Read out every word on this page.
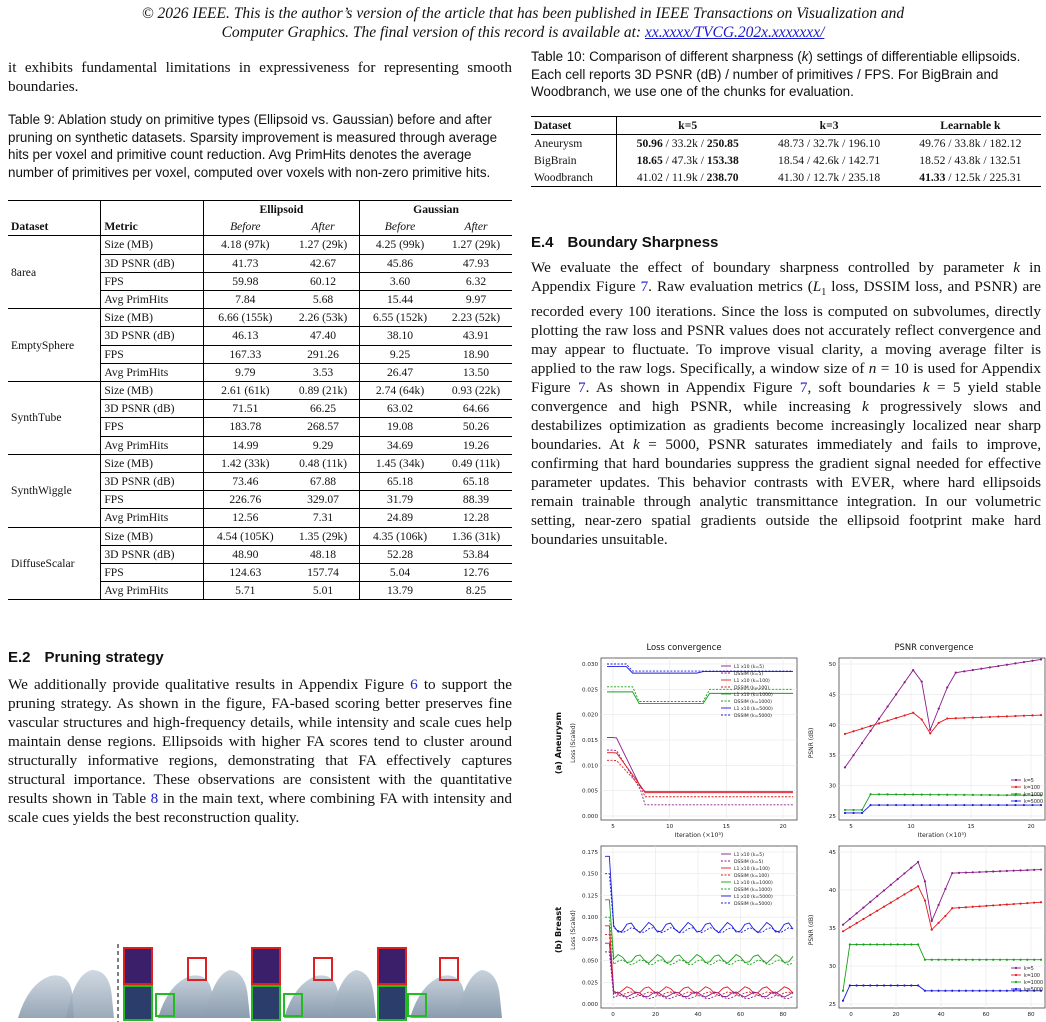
© 2026 IEEE. This is the author’s version of the article that has been published in IEEE Transactions on Visualization and
Computer Graphics. The final version of this record is available at: xx.xxxx/TVCG.202x.xxxxxxx/

it exhibits fundamental limitations in expressiveness for representing smooth boundaries.

Table 9: Ablation study on primitive types (Ellipsoid vs. Gaussian) before and after pruning on synthetic datasets. Sparsity improvement is measured through average hits per voxel and primitive count reduction. Avg PrimHits denotes the average number of primitives per voxel, computed over voxels with non-zero primitive hits.

		Ellipsoid		Gaussian	
Dataset	Metric	Before	After	Before	After
8area	Size (MB)	4.18 (97k)	1.27 (29k)	4.25 (99k)	1.27 (29k)
	3D PSNR (dB)	41.73	42.67	45.86	47.93
	FPS	59.98	60.12	3.60	6.32
	Avg PrimHits	7.84	5.68	15.44	9.97
EmptySphere	Size (MB)	6.66 (155k)	2.26 (53k)	6.55 (152k)	2.23 (52k)
	3D PSNR (dB)	46.13	47.40	38.10	43.91
	FPS	167.33	291.26	9.25	18.90
	Avg PrimHits	9.79	3.53	26.47	13.50
SynthTube	Size (MB)	2.61 (61k)	0.89 (21k)	2.74 (64k)	0.93 (22k)
	3D PSNR (dB)	71.51	66.25	63.02	64.66
	FPS	183.78	268.57	19.08	50.26
	Avg PrimHits	14.99	9.29	34.69	19.26
SynthWiggle	Size (MB)	1.42 (33k)	0.48 (11k)	1.45 (34k)	0.49 (11k)
	3D PSNR (dB)	73.46	67.88	65.18	65.18
	FPS	226.76	329.07	31.79	88.39
	Avg PrimHits	12.56	7.31	24.89	12.28
DiffuseScalar	Size (MB)	4.54 (105K)	1.35 (29k)	4.35 (106k)	1.36 (31k)
	3D PSNR (dB)	48.90	48.18	52.28	53.84
	FPS	124.63	157.74	5.04	12.76
	Avg PrimHits	5.71	5.01	13.79	8.25

E.2 Pruning strategy

We additionally provide qualitative results in Appendix Figure 6 to support the pruning strategy. As shown in the figure, FA-based scoring better preserves fine vascular structures and high-frequency details, while intensity and scale cues help maintain dense regions. Ellipsoids with higher FA scores tend to cluster around structurally informative regions, demonstrating that FA effectively captures structural importance. These observations are consistent with the quantitative results shown in Table 8 in the main text, where combining FA with intensity and scale cues yields the best reconstruction quality.

Table 10: Comparison of different sharpness (k) settings of differentiable ellipsoids. Each cell reports 3D PSNR (dB) / number of primitives / FPS. For BigBrain and Woodbranch, we use one of the chunks for evaluation.

Dataset	k=5	k=3	Learnable k
Aneurysm	50.96 / 33.2k / 250.85	48.73 / 32.7k / 196.10	49.76 / 33.8k / 182.12
BigBrain	18.65 / 47.3k / 153.38	18.54 / 42.6k / 142.71	18.52 / 43.8k / 132.51
Woodbranch	41.02 / 11.9k / 238.70	41.30 / 12.7k / 235.18	41.33 / 12.5k / 225.31

E.4 Boundary Sharpness

We evaluate the effect of boundary sharpness controlled by parameter k in Appendix Figure 7. Raw evaluation metrics ($L_1$ loss, DSSIM loss, and PSNR) are recorded every 100 iterations. Since the loss is computed on subvolumes, directly plotting the raw loss and PSNR values does not accurately reflect convergence and may appear to fluctuate. To improve visual clarity, a moving average filter is applied to the raw logs. Specifically, a window size of n = 10 is used for Appendix Figure 7. As shown in Appendix Figure 7, soft boundaries k = 5 yield stable convergence and high PSNR, while increasing k progressively slows and destabilizes optimization as gradients become increasingly localized near sharp boundaries. At k = 5000, PSNR saturates immediately and fails to improve, confirming that hard boundaries suppress the gradient signal needed for effective parameter updates. This behavior contrasts with EVER, where hard ellipsoids remain trainable through analytic transmittance integration. In our volumetric setting, near-zero spatial gradients outside the ellipsoid footprint make hard boundaries unsuitable.

Loss convergence	PSNR convergence
(a) Aneurysm
(b) Breast
Loss (Scaled)
Loss (Scaled)
PSNR (dB)
PSNR (dB)
0.000
0.005
0.010
0.015
0.020
0.025
0.030
5	10	15	20
Iteration (×10³)
L1 x10 (k=5)
DSSIM (k=5)
L1 x10 (k=100)
DSSIM (k=100)
L1 x10 (k=1000)
DSSIM (k=1000)
L1 x10 (k=5000)
DSSIM (k=5000)
25
30
35
40
45
50
5	10	15	20
Iteration (×10³)
k=5
k=100
k=1000
k=5000
0.000
0.025
0.050
0.075
0.100
0.125
0.150
0.175
0	20	40	60	80
L1 x10 (k=5)
DSSIM (k=5)
L1 x10 (k=100)
DSSIM (k=100)
L1 x10 (k=1000)
DSSIM (k=1000)
L1 x10 (k=5000)
DSSIM (k=5000)
25
30
35
40
45
0	20	40	60	80
k=5
k=100
k=1000
k=5000
